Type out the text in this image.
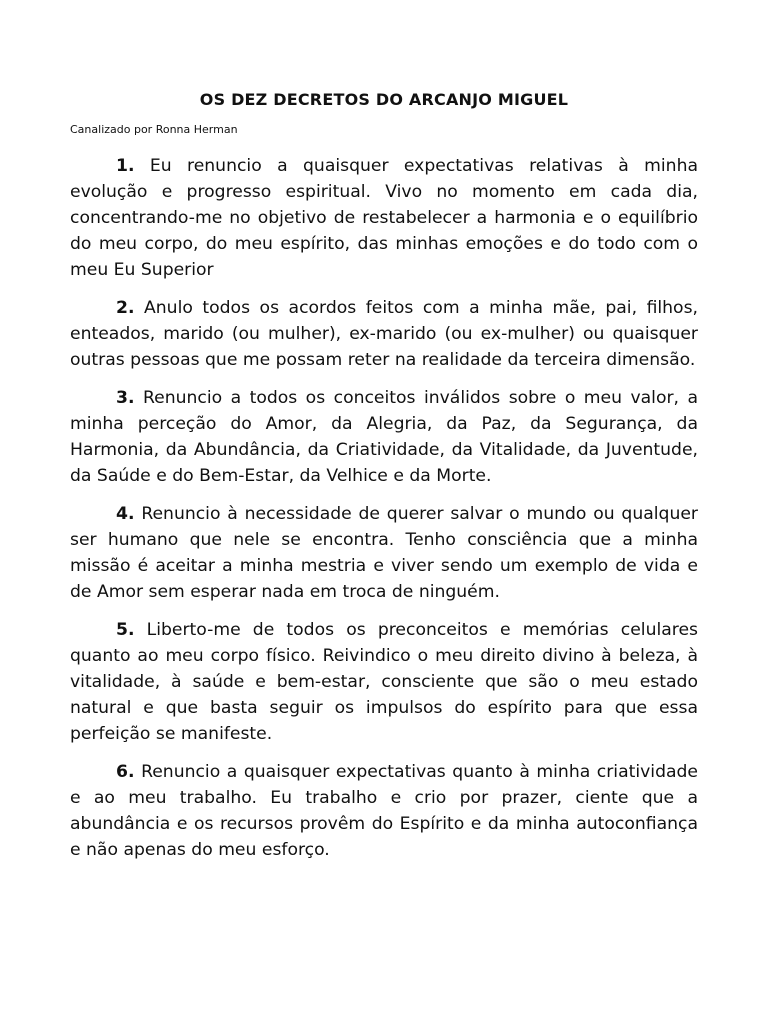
OS DEZ DECRETOS DO ARCANJO MIGUEL
Canalizado por Ronna Herman

1. Eu renuncio a quaisquer expectativas relativas à minha evolução e progresso espiritual. Vivo no momento em cada dia, concentrando-me no objetivo de restabelecer a harmonia e o equilíbrio do meu corpo, do meu espírito, das minhas emoções e do todo com o meu Eu Superior

2. Anulo todos os acordos feitos com a minha mãe, pai, filhos, enteados, marido (ou mulher), ex-marido (ou ex-mulher) ou quaisquer outras pessoas que me possam reter na realidade da terceira dimensão.

3. Renuncio a todos os conceitos inválidos sobre o meu valor, a minha perceção do Amor, da Alegria, da Paz, da Segurança, da Harmonia, da Abundância, da Criatividade, da Vitalidade, da Juventude, da Saúde e do Bem-Estar, da Velhice e da Morte.

4. Renuncio à necessidade de querer salvar o mundo ou qualquer ser humano que nele se encontra. Tenho consciência que a minha missão é aceitar a minha mestria e viver sendo um exemplo de vida e de Amor sem esperar nada em troca de ninguém.

5. Liberto-me de todos os preconceitos e memórias celulares quanto ao meu corpo físico. Reivindico o meu direito divino à beleza, à vitalidade, à saúde e bem-estar, consciente que são o meu estado natural e que basta seguir os impulsos do espírito para que essa perfeição se manifeste.

6. Renuncio a quaisquer expectativas quanto à minha criatividade e ao meu trabalho. Eu trabalho e crio por prazer, ciente que a abundância e os recursos provêm do Espírito e da minha autoconfiança e não apenas do meu esforço.
